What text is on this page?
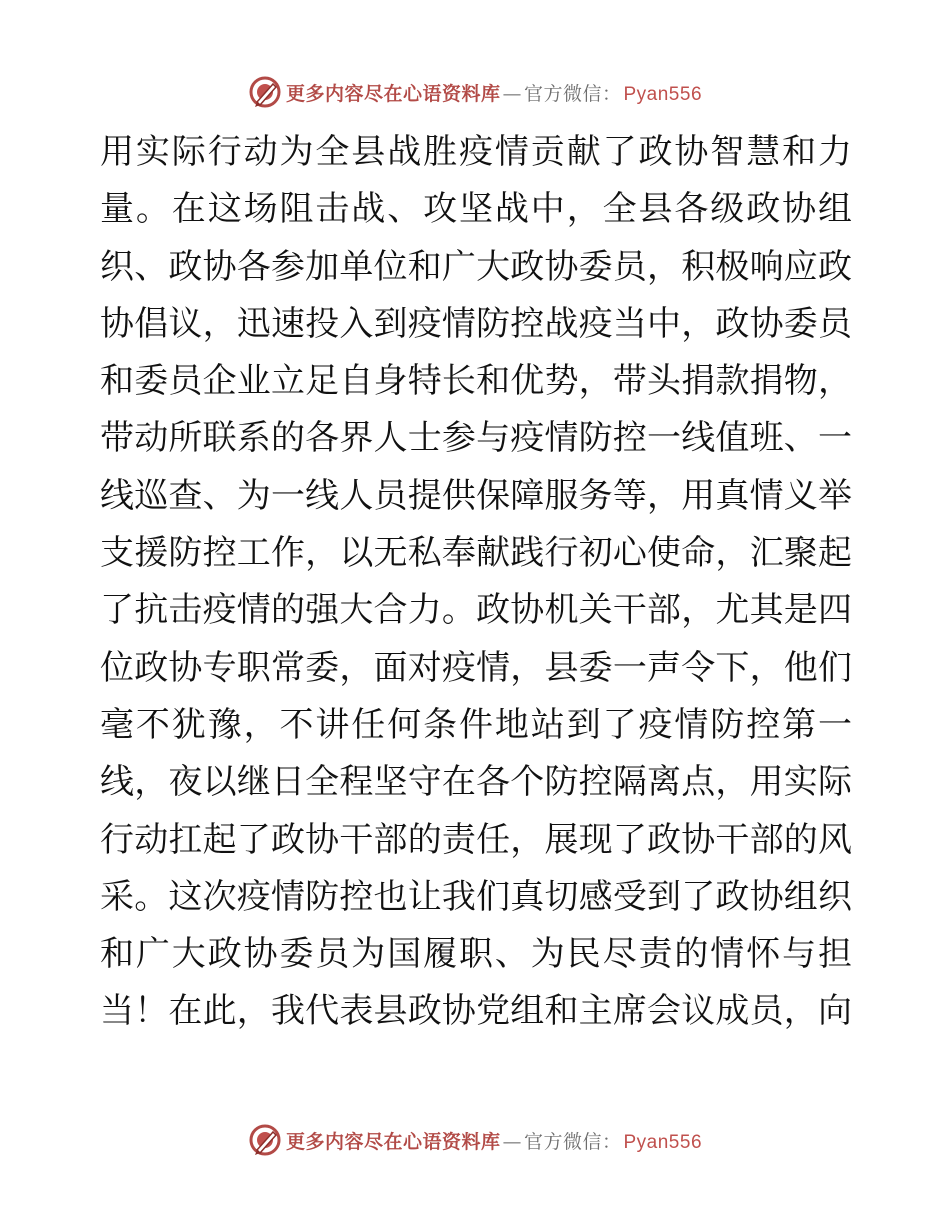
更多内容尽在心语资料库 — 官方微信： Pyan556
用实际行动为全县战胜疫情贡献了政协智慧和力
量。在这场阻击战、攻坚战中，全县各级政协组
织、政协各参加单位和广大政协委员，积极响应政
协倡议，迅速投入到疫情防控战疫当中，政协委员
和委员企业立足自身特长和优势，带头捐款捐物，
带动所联系的各界人士参与疫情防控一线值班、一
线巡查、为一线人员提供保障服务等，用真情义举
支援防控工作，以无私奉献践行初心使命，汇聚起
了抗击疫情的强大合力。政协机关干部，尤其是四
位政协专职常委，面对疫情，县委一声令下，他们
毫不犹豫，不讲任何条件地站到了疫情防控第一
线，夜以继日全程坚守在各个防控隔离点，用实际
行动扛起了政协干部的责任，展现了政协干部的风
采。这次疫情防控也让我们真切感受到了政协组织
和广大政协委员为国履职、为民尽责的情怀与担
当！在此，我代表县政协党组和主席会议成员，向
更多内容尽在心语资料库 — 官方微信： Pyan556
